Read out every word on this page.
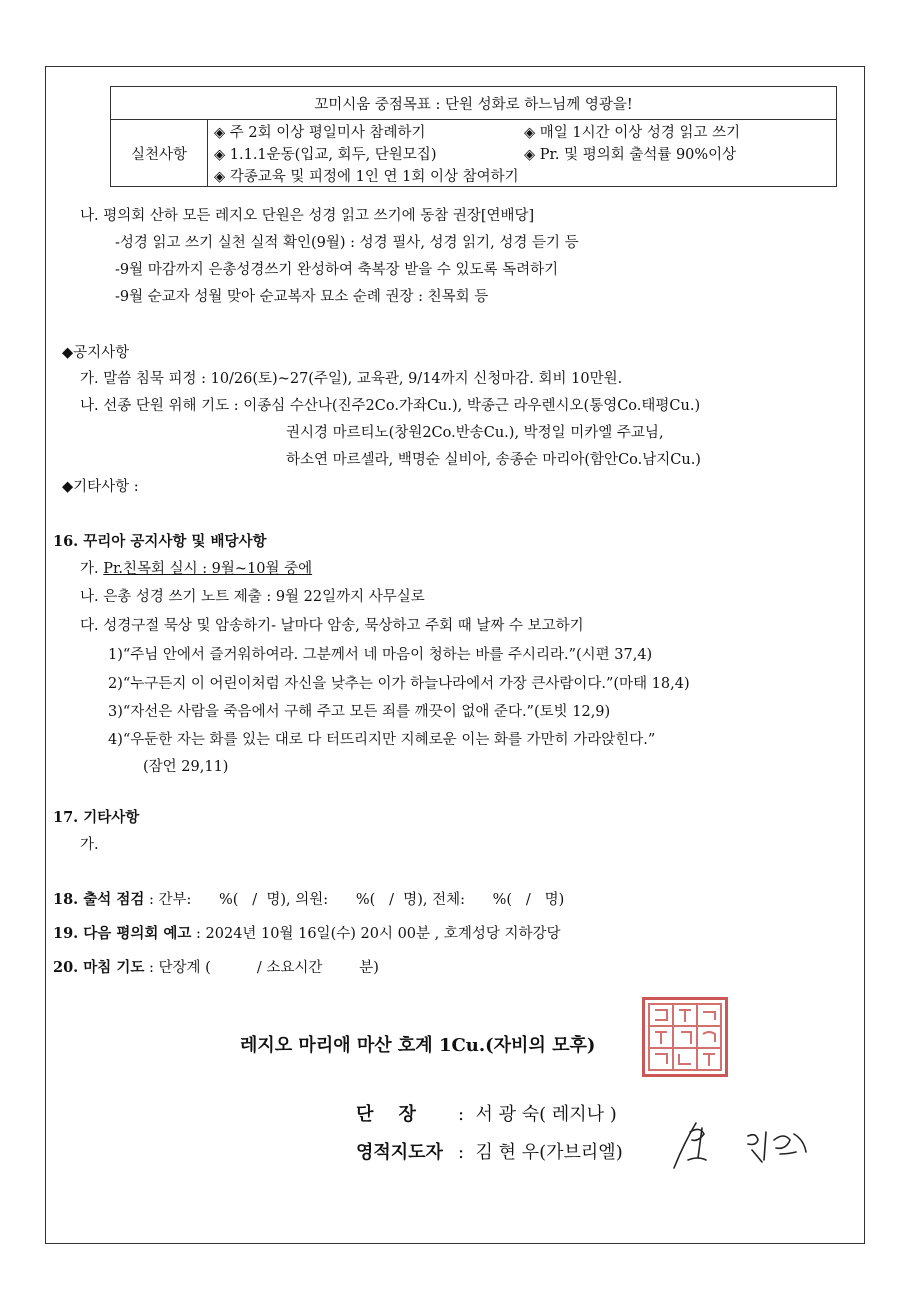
꼬미시움 중점목표 : 단원 성화로 하느님께 영광을!
실천사항	
◈ 주 2회 이상 평일미사 참례하기	◈ 매일 1시간 이상 성경 읽고 쓰기
◈ 1.1.1운동(입교, 회두, 단원모집)	◈ Pr. 및 평의회 출석률 90%이상
◈ 각종교육 및 피정에 1인 연 1회 이상 참여하기
나. 평의회 산하 모든 레지오 단원은 성경 읽고 쓰기에 동참 권장[연배당]
-성경 읽고 쓰기 실천 실적 확인(9월) : 성경 필사, 성경 읽기, 성경 듣기 등
-9월 마감까지 은총성경쓰기 완성하여 축복장 받을 수 있도록 독려하기
-9월 순교자 성월 맞아 순교복자 묘소 순례 권장 : 친목회 등
◆공지사항
가. 말씀 침묵 피정 : 10/26(토)~27(주일), 교육관, 9/14까지 신청마감. 회비 10만원.
나. 선종 단원 위해 기도 : 이종심 수산나(진주2Co.가좌Cu.), 박종근 라우렌시오(통영Co.태평Cu.)
권시경 마르티노(창원2Co.반송Cu.), 박정일 미카엘 주교님,
하소연 마르셀라, 백명순 실비아, 송종순 마리아(함안Co.남지Cu.)
◆기타사항 :
16. 꾸리아 공지사항 및 배당사항
가. Pr.친목회 실시 : 9월~10월 중에
나. 은총 성경 쓰기 노트 제출 : 9월 22일까지 사무실로
다. 성경구절 묵상 및 암송하기- 날마다 암송, 묵상하고 주회 때 날짜 수 보고하기
1)“주님 안에서 즐거워하여라. 그분께서 네 마음이 청하는 바를 주시리라.”(시편 37,4)
2)“누구든지 이 어린이처럼 자신을 낮추는 이가 하늘나라에서 가장 큰사람이다.”(마태 18,4)
3)“자선은 사람을 죽음에서 구해 주고 모든 죄를 깨끗이 없애 준다.”(토빗 12,9)
4)“우둔한 자는 화를 있는 대로 다 터뜨리지만 지혜로운 이는 화를 가만히 가라앉힌다.”
(잠언 29,11)
17. 기타사항
가.
18. 출석 점검 : 간부:      %(   /  명), 의원:      %(   /  명), 전체:      %(   /   명)
19. 다음 평의회 예고 : 2024년 10월 16일(수) 20시 00분 , 호계성당 지하강당
20. 마침 기도 : 단장계 (          / 소요시간        분)
레지오 마리애 마산 호계 1Cu.(자비의 모후)
단    장 :  서 광 숙( 레지나 )
영적지도자 :  김 현 우(가브리엘)
